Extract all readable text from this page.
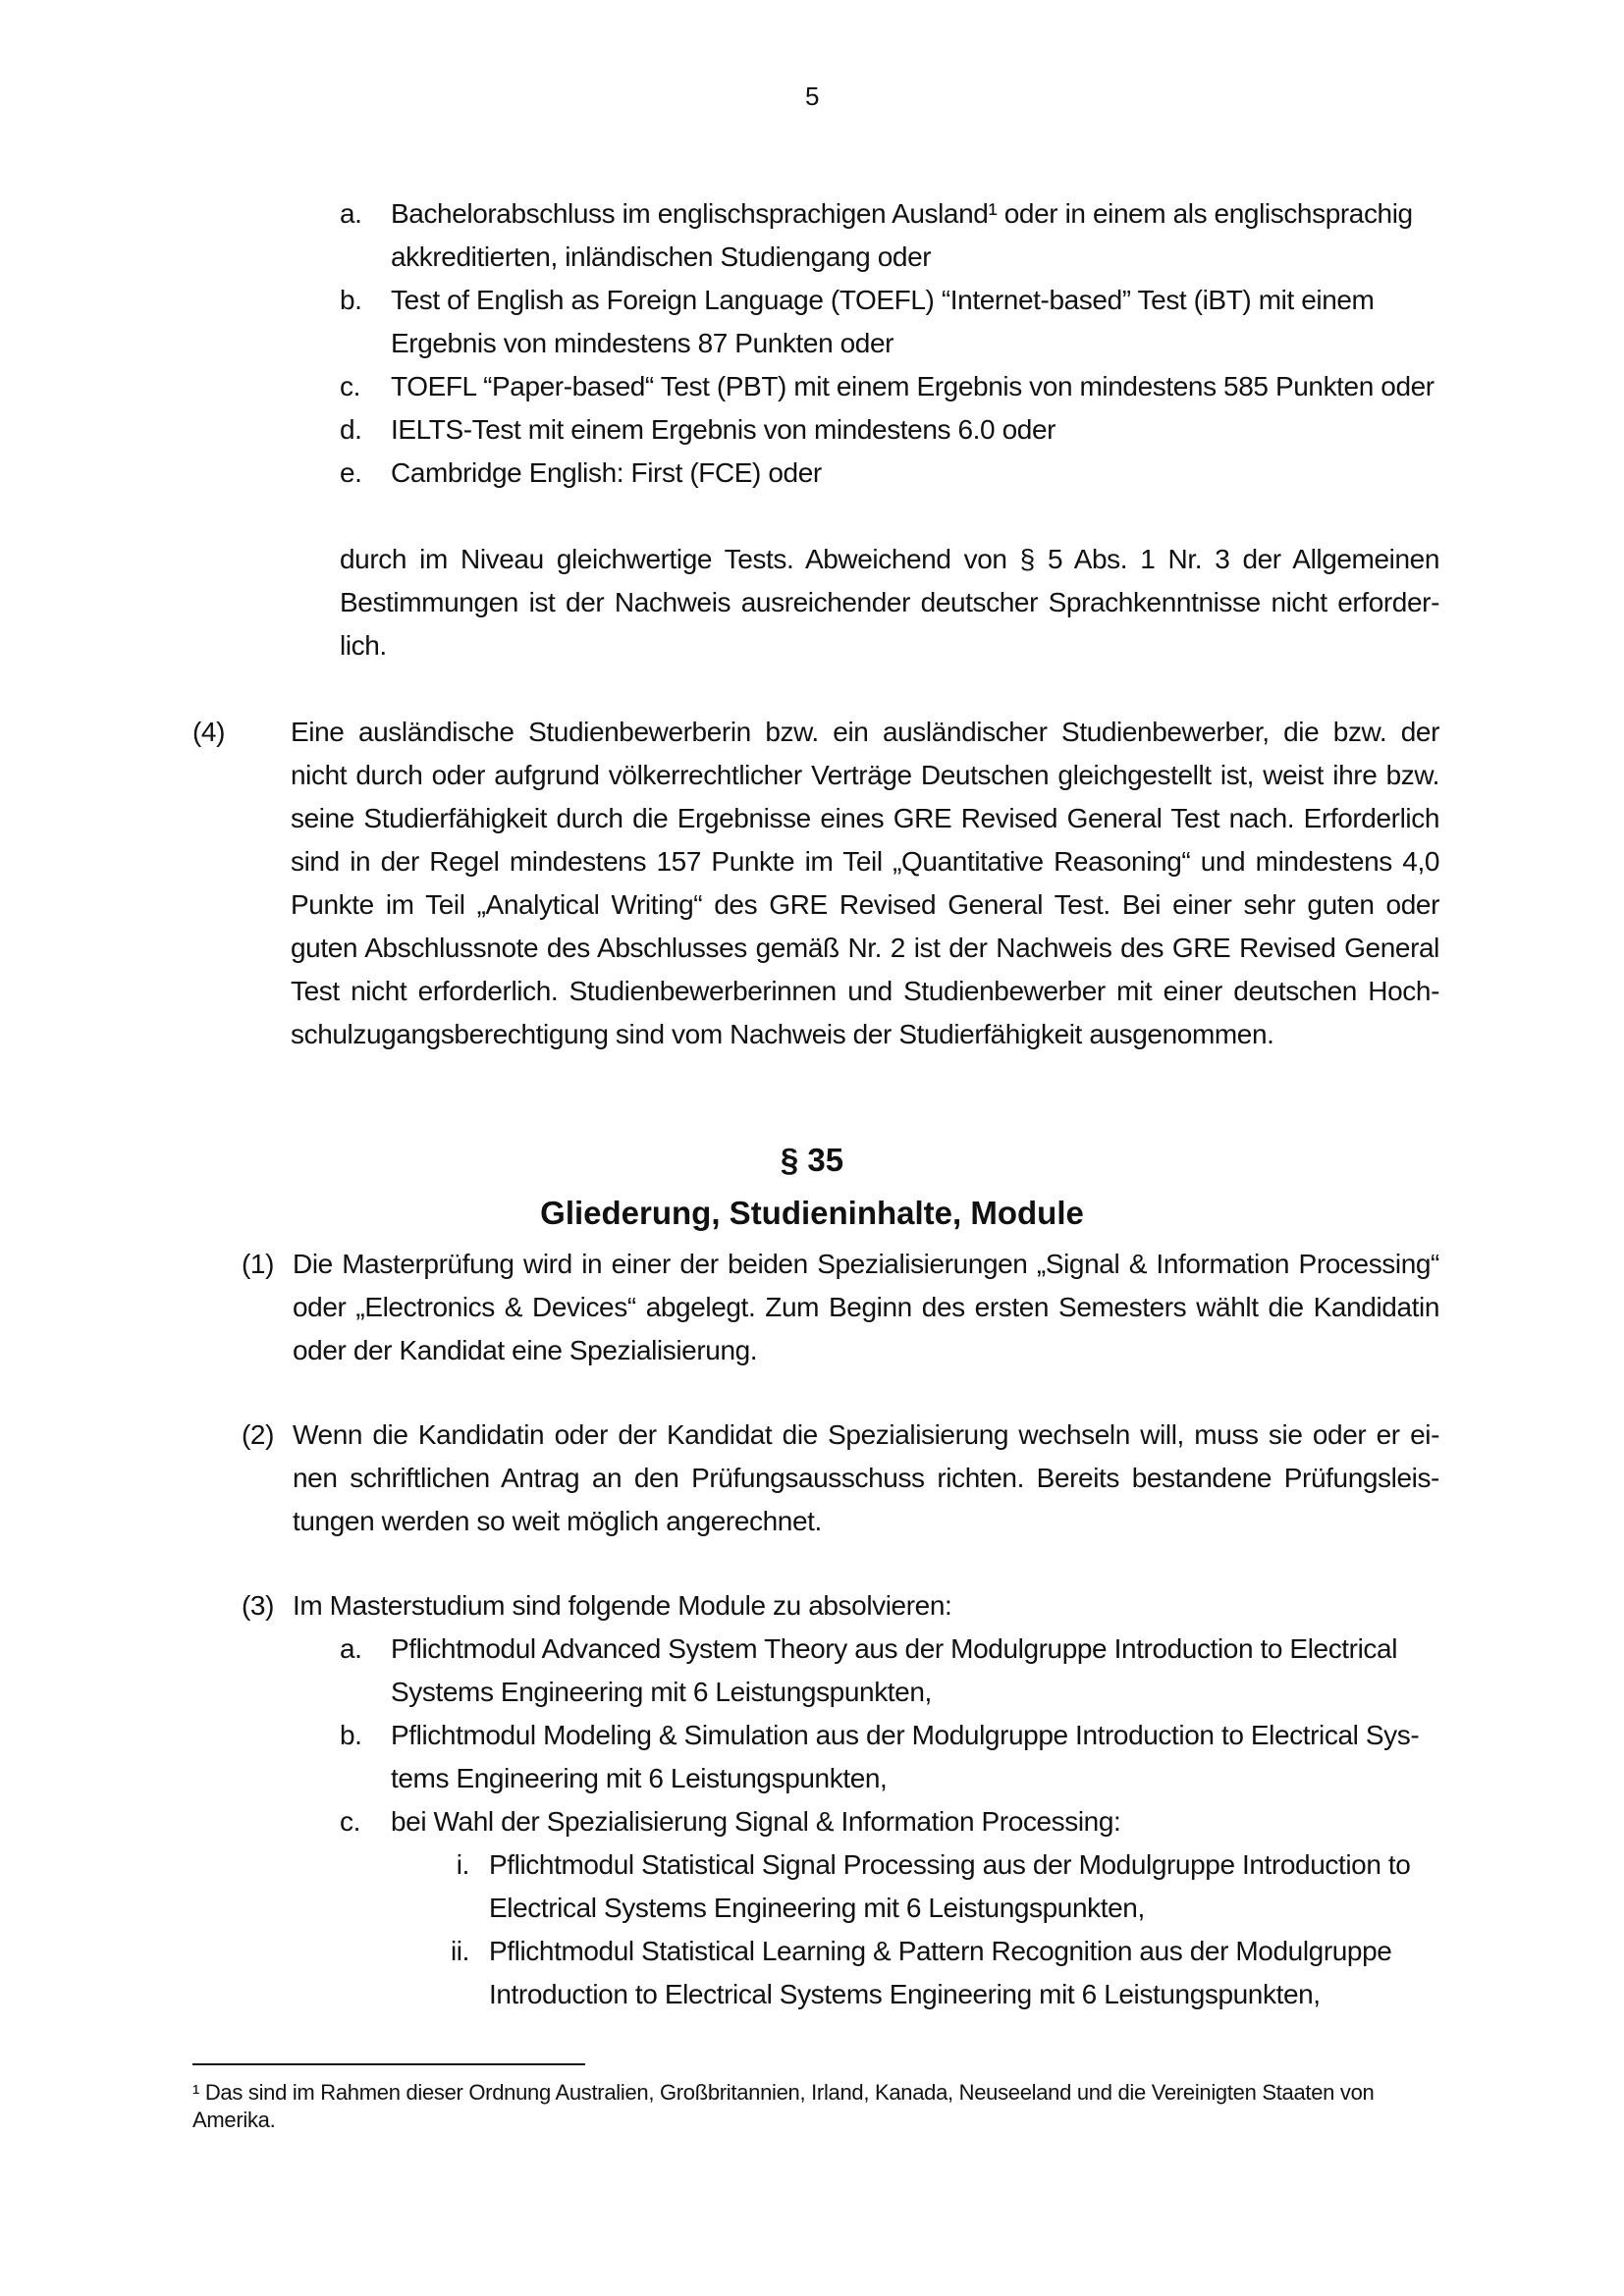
5
a. Bachelorabschluss im englischsprachigen Ausland¹ oder in einem als englischsprachig akkreditierten, inländischen Studiengang oder
b. Test of English as Foreign Language (TOEFL) “Internet-based” Test (iBT) mit einem Ergebnis von mindestens 87 Punkten oder
c. TOEFL “Paper-based“ Test (PBT) mit einem Ergebnis von mindestens 585 Punkten oder
d. IELTS-Test mit einem Ergebnis von mindestens 6.0 oder
e. Cambridge English: First (FCE) oder
durch im Niveau gleichwertige Tests. Abweichend von § 5 Abs. 1 Nr. 3 der Allgemeinen Bestimmungen ist der Nachweis ausreichender deutscher Sprachkenntnisse nicht erforder-lich.
(4) Eine ausländische Studienbewerberin bzw. ein ausländischer Studienbewerber, die bzw. der nicht durch oder aufgrund völkerrechtlicher Verträge Deutschen gleichgestellt ist, weist ihre bzw. seine Studierfähigkeit durch die Ergebnisse eines GRE Revised General Test nach. Erforderlich sind in der Regel mindestens 157 Punkte im Teil „Quantitative Reasoning“ und mindestens 4,0 Punkte im Teil „Analytical Writing“ des GRE Revised General Test. Bei einer sehr guten oder guten Abschlussnote des Abschlusses gemäß Nr. 2 ist der Nachweis des GRE Revised General Test nicht erforderlich. Studienbewerberinnen und Studienbewerber mit einer deutschen Hoch-schulzugangsberechtigung sind vom Nachweis der Studierfähigkeit ausgenommen.
§ 35
Gliederung, Studieninhalte, Module
(1) Die Masterprüfung wird in einer der beiden Spezialisierungen „Signal & Information Processing“ oder „Electronics & Devices“ abgelegt. Zum Beginn des ersten Semesters wählt die Kandidatin oder der Kandidat eine Spezialisierung.
(2) Wenn die Kandidatin oder der Kandidat die Spezialisierung wechseln will, muss sie oder er ei-nen schriftlichen Antrag an den Prüfungsausschuss richten. Bereits bestandene Prüfungsleis-tungen werden so weit möglich angerechnet.
(3) Im Masterstudium sind folgende Module zu absolvieren:
a. Pflichtmodul Advanced System Theory aus der Modulgruppe Introduction to Electrical Systems Engineering mit 6 Leistungspunkten,
b. Pflichtmodul Modeling & Simulation aus der Modulgruppe Introduction to Electrical Sys-tems Engineering mit 6 Leistungspunkten,
c. bei Wahl der Spezialisierung Signal & Information Processing:
i. Pflichtmodul Statistical Signal Processing aus der Modulgruppe Introduction to Electrical Systems Engineering mit 6 Leistungspunkten,
ii. Pflichtmodul Statistical Learning & Pattern Recognition aus der Modulgruppe Introduction to Electrical Systems Engineering mit 6 Leistungspunkten,
¹ Das sind im Rahmen dieser Ordnung Australien, Großbritannien, Irland, Kanada, Neuseeland und die Vereinigten Staaten von Amerika.
